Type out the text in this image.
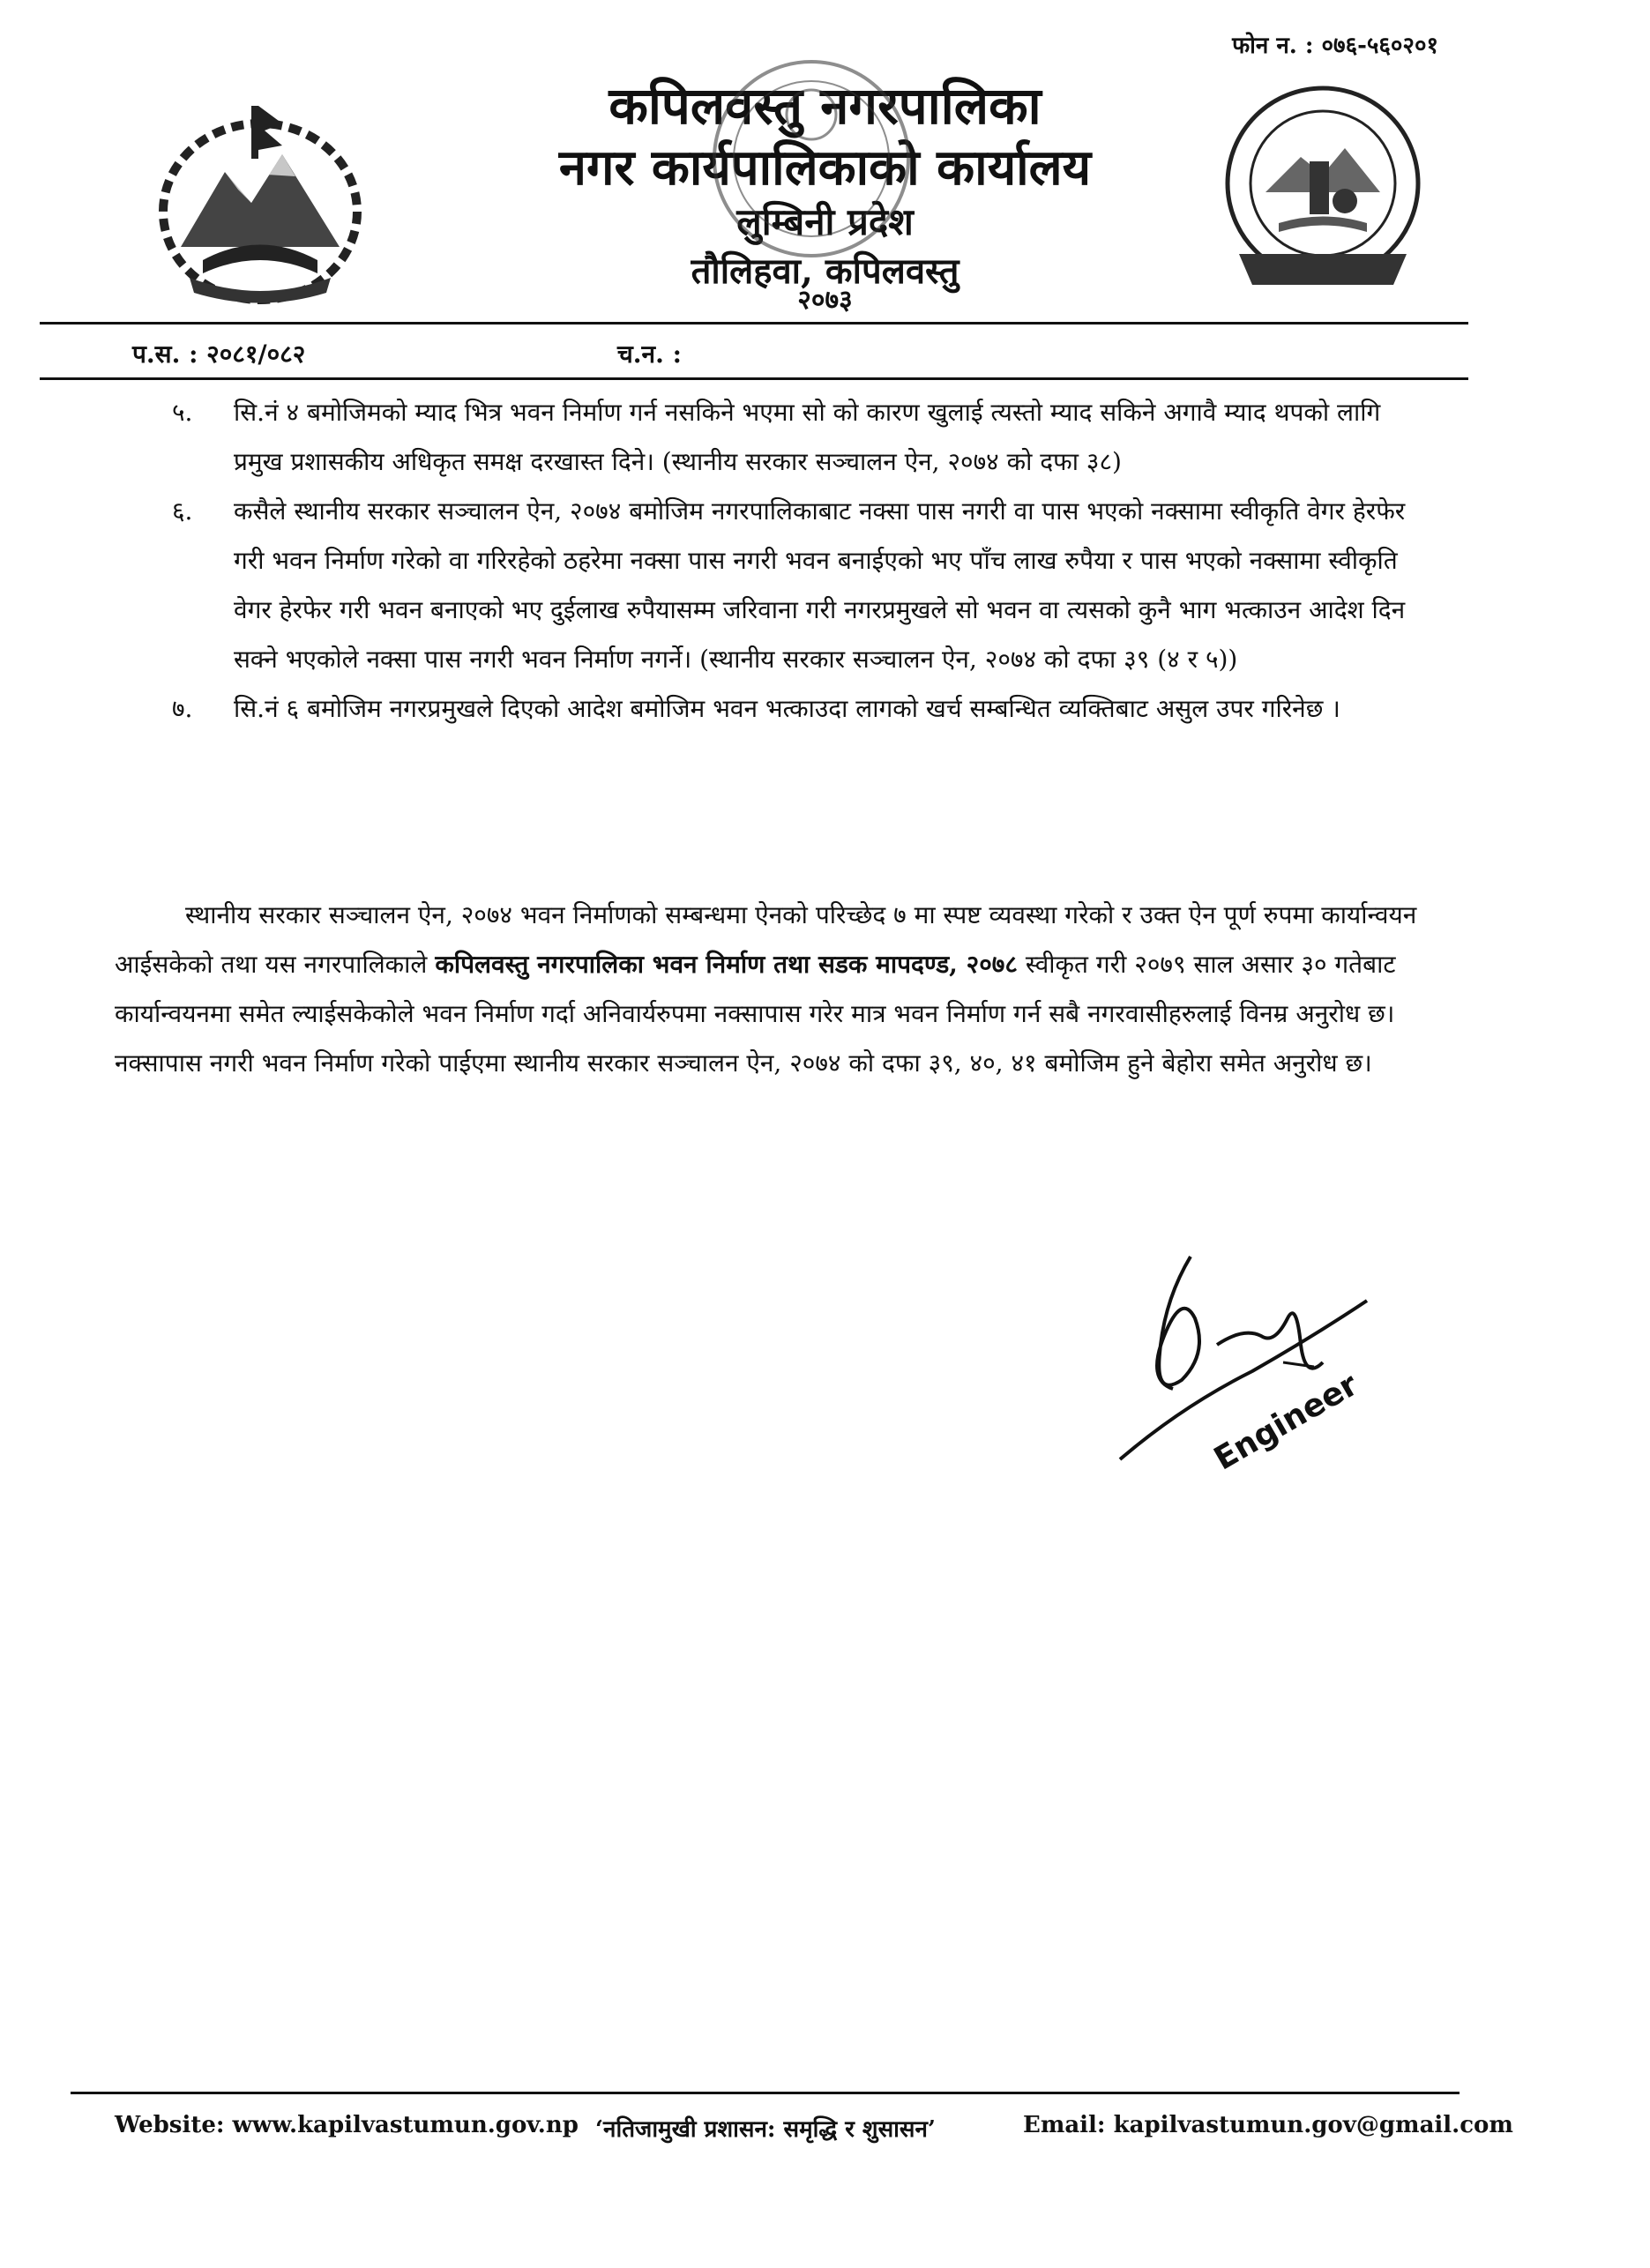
फोन न. : ०७६-५६०२०१
कपिलवस्तु नगरपालिका
नगर कार्यपालिकाको कार्यालय
लुम्बिनी प्रदेश
तौलिहवा, कपिलवस्तु
२०७३
प.स. : २०८१/०८२	च.न. :

५. सि.नं ४ बमोजिमको म्याद भित्र भवन निर्माण गर्न नसकिने भएमा सो को कारण खुलाई त्यस्तो म्याद सकिने अगावै म्याद थपको लागि प्रमुख प्रशासकीय अधिकृत समक्ष दरखास्त दिने। (स्थानीय सरकार सञ्चालन ऐन, २०७४ को दफा ३८)

६. कसैले स्थानीय सरकार सञ्चालन ऐन, २०७४ बमोजिम नगरपालिकाबाट नक्सा पास नगरी वा पास भएको नक्सामा स्वीकृति वेगर हेरफेर गरी भवन निर्माण गरेको वा गरिरहेको ठहरेमा नक्सा पास नगरी भवन बनाईएको भए पाँच लाख रुपैया र पास भएको नक्सामा स्वीकृति वेगर हेरफेर गरी भवन बनाएको भए दुईलाख रुपैयासम्म जरिवाना गरी नगरप्रमुखले सो भवन वा त्यसको कुनै भाग भत्काउन आदेश दिन सक्ने भएकोले नक्सा पास नगरी भवन निर्माण नगर्ने। (स्थानीय सरकार सञ्चालन ऐन, २०७४ को दफा ३९ (४ र ५))

७. सि.नं ६ बमोजिम नगरप्रमुखले दिएको आदेश बमोजिम भवन भत्काउदा लागको खर्च सम्बन्धित व्यक्तिबाट असुल उपर गरिनेछ ।

स्थानीय सरकार सञ्चालन ऐन, २०७४ भवन निर्माणको सम्बन्धमा ऐनको परिच्छेद ७ मा स्पष्ट व्यवस्था गरेको र उक्त ऐन पूर्ण रुपमा कार्यान्वयन आईसकेको तथा यस नगरपालिकाले कपिलवस्तु नगरपालिका भवन निर्माण तथा सडक मापदण्ड, २०७८ स्वीकृत गरी २०७९ साल असार ३० गतेबाट कार्यान्वयनमा समेत ल्याईसकेकोले भवन निर्माण गर्दा अनिवार्यरुपमा नक्सापास गरेर मात्र भवन निर्माण गर्न सबै नगरवासीहरुलाई विनम्र अनुरोध छ। नक्सापास नगरी भवन निर्माण गरेको पाईएमा स्थानीय सरकार सञ्चालन ऐन, २०७४ को दफा ३९, ४०, ४१ बमोजिम हुने बेहोरा समेत अनुरोध छ।
Engineer
Website: www.kapilvastumun.gov.np ‘नतिजामुखी प्रशासन: समृद्धि र शुसासन’	Email: kapilvastumun.gov@gmail.com
